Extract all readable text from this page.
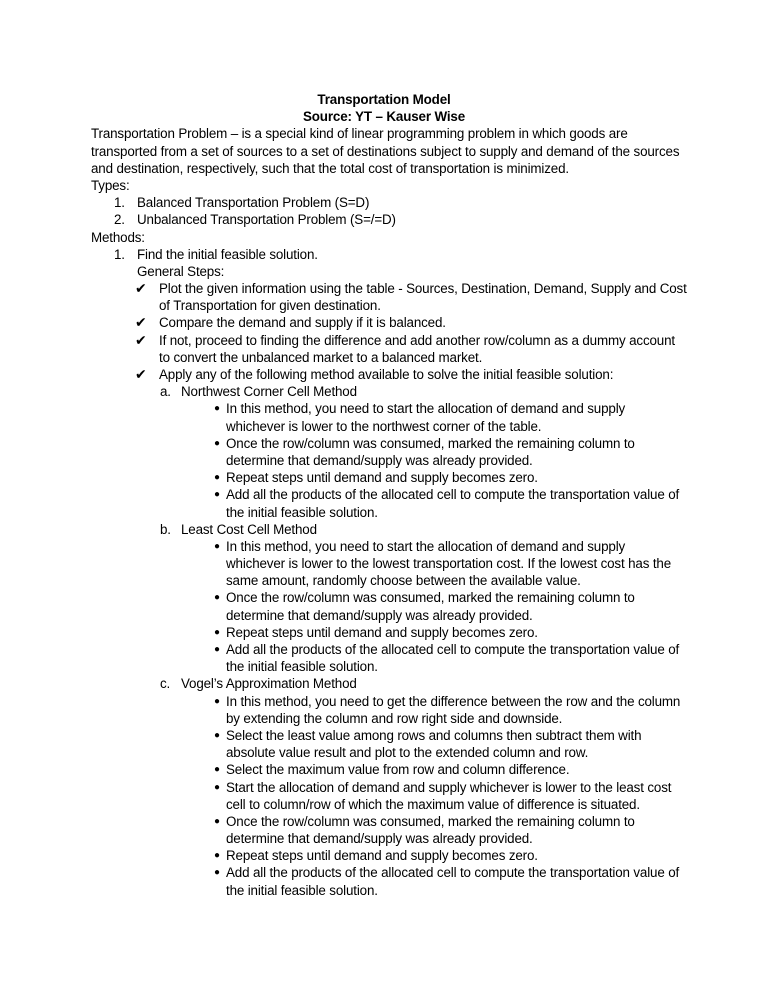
Transportation Model
Source: YT – Kauser Wise
Transportation Problem – is a special kind of linear programming problem in which goods are
transported from a set of sources to a set of destinations subject to supply and demand of the sources
and destination, respectively, such that the total cost of transportation is minimized.
Types:
1. Balanced Transportation Problem (S=D)
2. Unbalanced Transportation Problem (S=/=D)
Methods:
1. Find the initial feasible solution.
General Steps:
✔ Plot the given information using the table - Sources, Destination, Demand, Supply and Cost
of Transportation for given destination.
✔ Compare the demand and supply if it is balanced.
✔ If not, proceed to finding the difference and add another row/column as a dummy account
to convert the unbalanced market to a balanced market.
✔ Apply any of the following method available to solve the initial feasible solution:
a. Northwest Corner Cell Method
● In this method, you need to start the allocation of demand and supply
whichever is lower to the northwest corner of the table.
● Once the row/column was consumed, marked the remaining column to
determine that demand/supply was already provided.
● Repeat steps until demand and supply becomes zero.
● Add all the products of the allocated cell to compute the transportation value of
the initial feasible solution.
b. Least Cost Cell Method
● In this method, you need to start the allocation of demand and supply
whichever is lower to the lowest transportation cost. If the lowest cost has the
same amount, randomly choose between the available value.
● Once the row/column was consumed, marked the remaining column to
determine that demand/supply was already provided.
● Repeat steps until demand and supply becomes zero.
● Add all the products of the allocated cell to compute the transportation value of
the initial feasible solution.
c. Vogel’s Approximation Method
● In this method, you need to get the difference between the row and the column
by extending the column and row right side and downside.
● Select the least value among rows and columns then subtract them with
absolute value result and plot to the extended column and row.
● Select the maximum value from row and column difference.
● Start the allocation of demand and supply whichever is lower to the least cost
cell to column/row of which the maximum value of difference is situated.
● Once the row/column was consumed, marked the remaining column to
determine that demand/supply was already provided.
● Repeat steps until demand and supply becomes zero.
● Add all the products of the allocated cell to compute the transportation value of
the initial feasible solution.
